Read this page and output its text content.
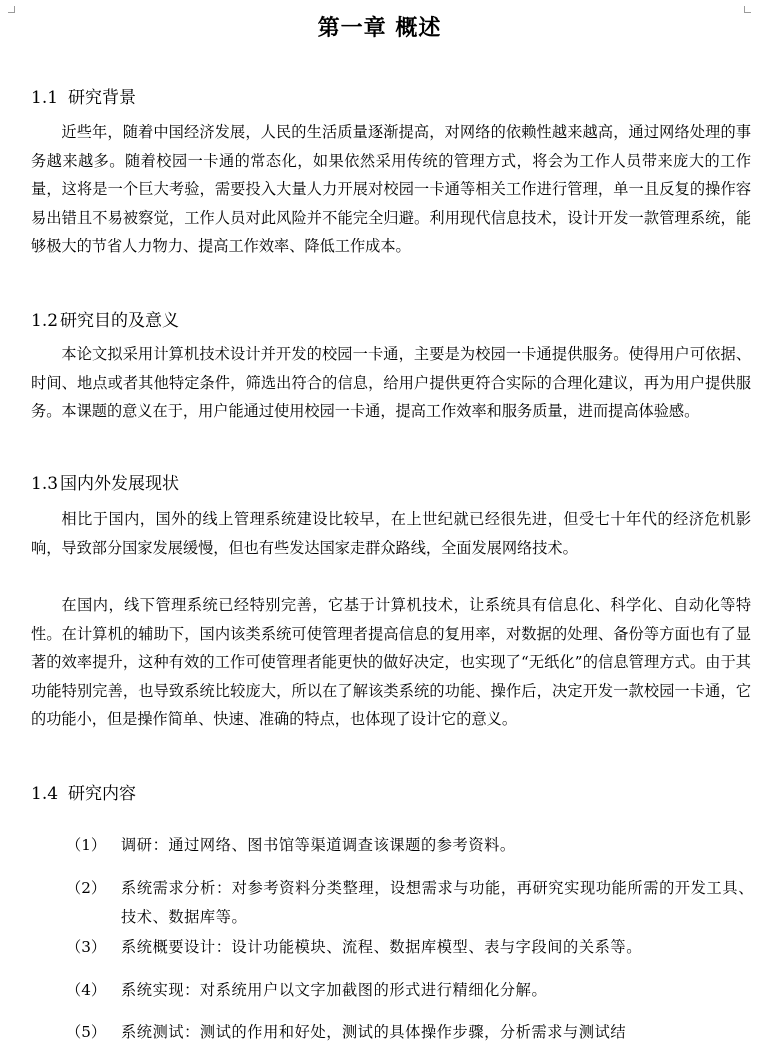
第一章 概述
1.1 研究背景

近些年，随着中国经济发展，人民的生活质量逐渐提高，对网络的依赖性越来越高，通过网络处理的事务越来越多。随着校园一卡通的常态化，如果依然采用传统的管理方式，将会为工作人员带来庞大的工作量，这将是一个巨大考验，需要投入大量人力开展对校园一卡通等相关工作进行管理，单一且反复的操作容易出错且不易被察觉，工作人员对此风险并不能完全归避。利用现代信息技术，设计开发一款管理系统，能够极大的节省人力物力、提高工作效率、降低工作成本。

1.2 研究目的及意义

本论文拟采用计算机技术设计并开发的校园一卡通，主要是为校园一卡通提供服务。使得用户可依据、时间、地点或者其他特定条件，筛选出符合的信息，给用户提供更符合实际的合理化建议，再为用户提供服务。本课题的意义在于，用户能通过使用校园一卡通，提高工作效率和服务质量，进而提高体验感。

1.3 国内外发展现状

相比于国内，国外的线上管理系统建设比较早，在上世纪就已经很先进，但受七十年代的经济危机影响，导致部分国家发展缓慢，但也有些发达国家走群众路线，全面发展网络技术。

在国内，线下管理系统已经特别完善，它基于计算机技术，让系统具有信息化、科学化、自动化等特性。在计算机的辅助下，国内该类系统可使管理者提高信息的复用率，对数据的处理、备份等方面也有了显著的效率提升，这种有效的工作可使管理者能更快的做好决定，也实现了“无纸化”的信息管理方式。由于其功能特别完善，也导致系统比较庞大，所以在了解该类系统的功能、操作后，决定开发一款校园一卡通，它的功能小，但是操作简单、快速、准确的特点，也体现了设计它的意义。

1.4 研究内容
（1） 调研：通过网络、图书馆等渠道调查该课题的参考资料。
（2） 系统需求分析：对参考资料分类整理，设想需求与功能，再研究实现功能所需的开发工具、技术、数据库等。
（3） 系统概要设计：设计功能模块、流程、数据库模型、表与字段间的关系等。
（4） 系统实现：对系统用户以文字加截图的形式进行精细化分解。
（5） 系统测试：测试的作用和好处，测试的具体操作步骤，分析需求与测试结
